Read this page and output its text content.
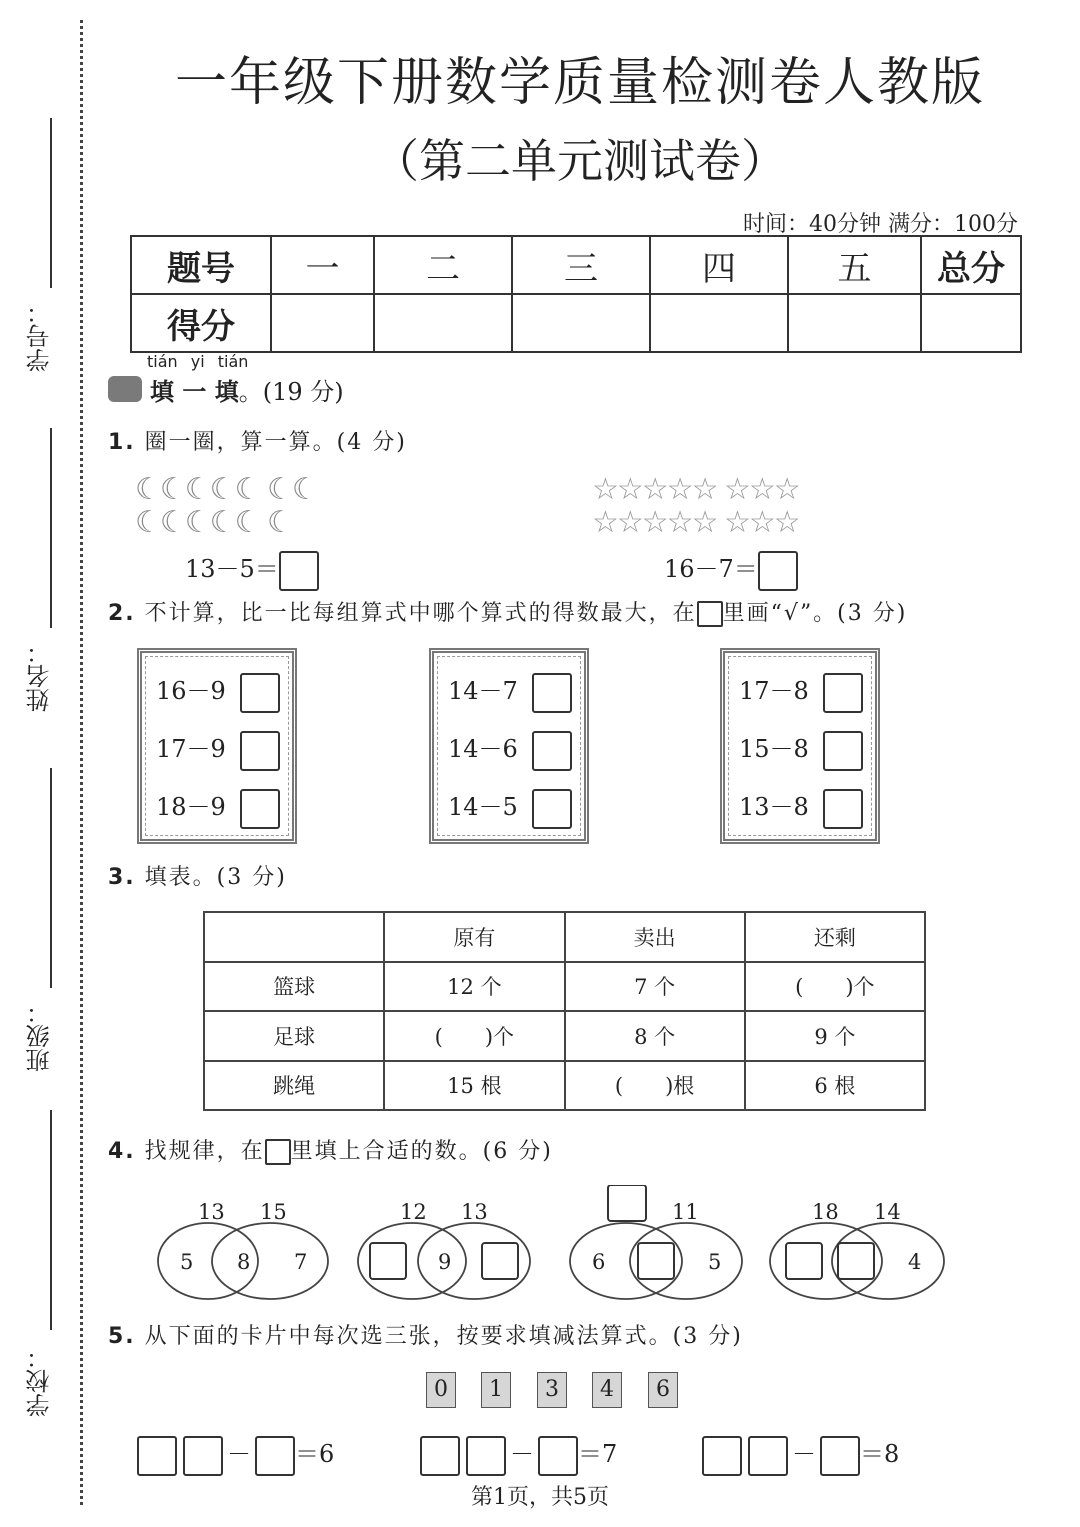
学号：
姓名：
班级：
学校：
一年级下册数学质量检测卷人教版
（第二单元测试卷）
时间：40分钟 满分：100分
题号	一	二	三	四	五	总分
得分						
tián yi tián
填 一 填。(19 分)
1. 圈一圈，算一算。(4 分)
☾☾☾☾☾ ☾☾
☾☾☾☾☾ ☾
☆☆☆☆☆ ☆☆☆
☆☆☆☆☆ ☆☆☆
13－5＝	16－7＝
2. 不计算，比一比每组算式中哪个算式的得数最大，在 里画“√”。(3 分)
16－9
17－9
18－9
14－7
14－6
14－5
17－8
15－8
13－8
3. 填表。(3 分)
	原有	卖出	还剩
篮球	12 个	7 个	(　　)个
足球	(　　)个	8 个	9 个
跳绳	15 根	(　　)根	6 根
4. 找规律，在 里填上合适的数。(6 分)
13 15
5 8 7
12 13
9
11
6	5
18 14
4
5. 从下面的卡片中每次选三张，按要求填减法算式。(3 分)
0	1	3	4	6
－ ＝6	－ ＝7	－ ＝8
第1页，共5页
